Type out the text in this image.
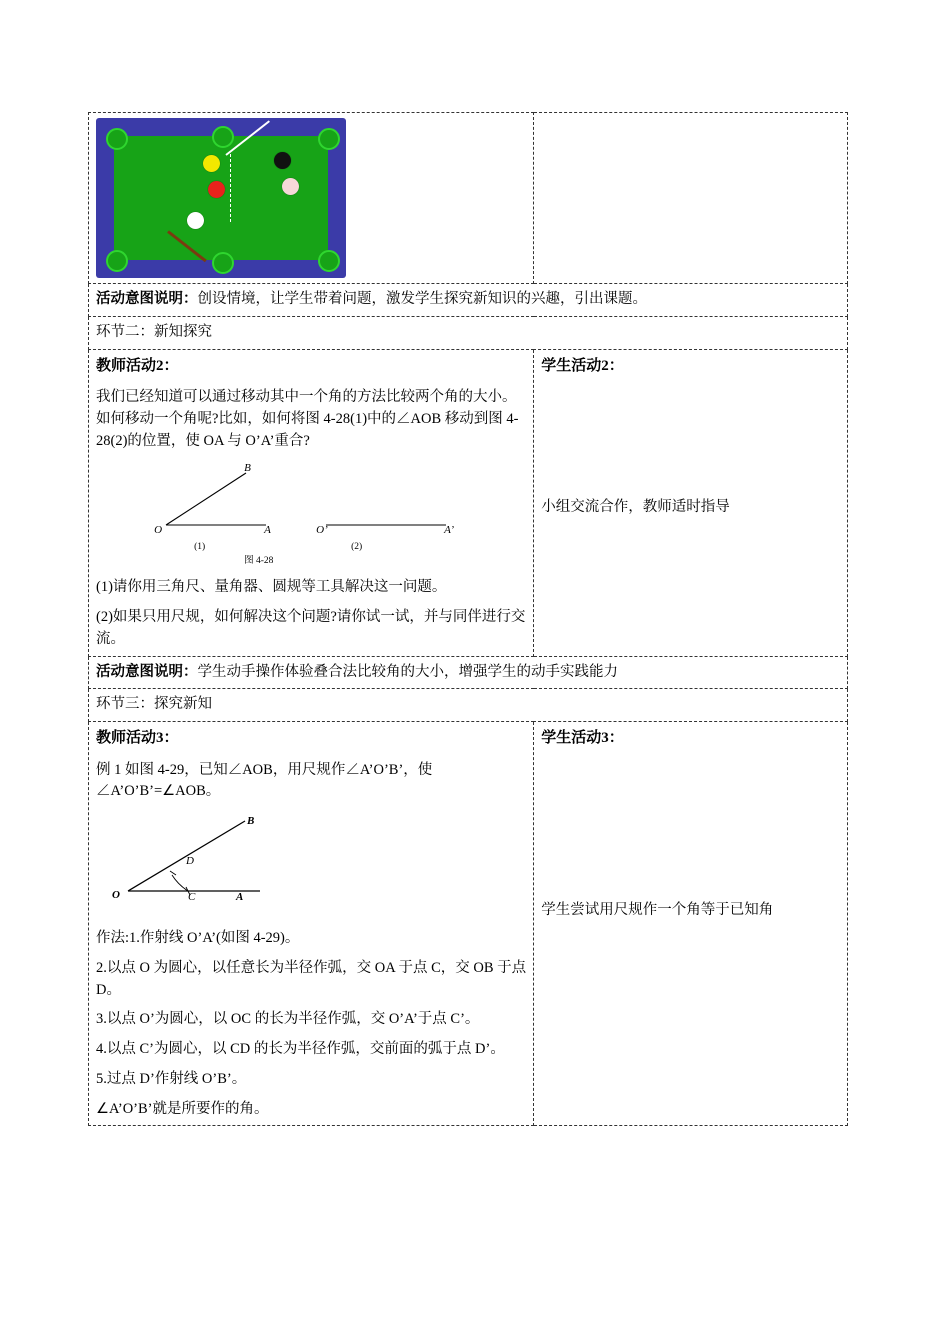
活动意图说明：创设情境，让学生带着问题，激发学生探究新知识的兴趣，引出课题。	
环节二：新知探究	

教师活动2：

我们已经知道可以通过移动其中一个角的方法比较两个角的大小。如何移动一个角呢?比如，如何将图 4-28(1)中的∠AOB 移动到图 4-28(2)的位置，使 OA 与 O’A’重合?

B
O	A	O’	A’
(1)	(2)
图 4-28

(1)请你用三角尺、量角器、圆规等工具解决这一问题。

(2)如果只用尺规，如何解决这个问题?请你试一试，并与同伴进行交流。

学生活动2：

小组交流合作，教师适时指导

活动意图说明：学生动手操作体验叠合法比较角的大小，增强学生的动手实践能力	
环节三：探究新知	

教师活动3：

例 1 如图 4-29，已知∠AOB，用尺规作∠A’O’B’，使∠A’O’B’=∠AOB。

B
D
O	C	A

作法:1.作射线 O’A’(如图 4-29)。

2.以点 O 为圆心，以任意长为半径作弧，交 OA 于点 C，交 OB 于点 D。

3.以点 O’为圆心，以 OC 的长为半径作弧，交 O’A’于点 C’。

4.以点 C’为圆心，以 CD 的长为半径作弧，交前面的弧于点 D’。

5.过点 D’作射线 O’B’。

∠A’O’B’就是所要作的角。

学生活动3：

学生尝试用尺规作一个角等于已知角
